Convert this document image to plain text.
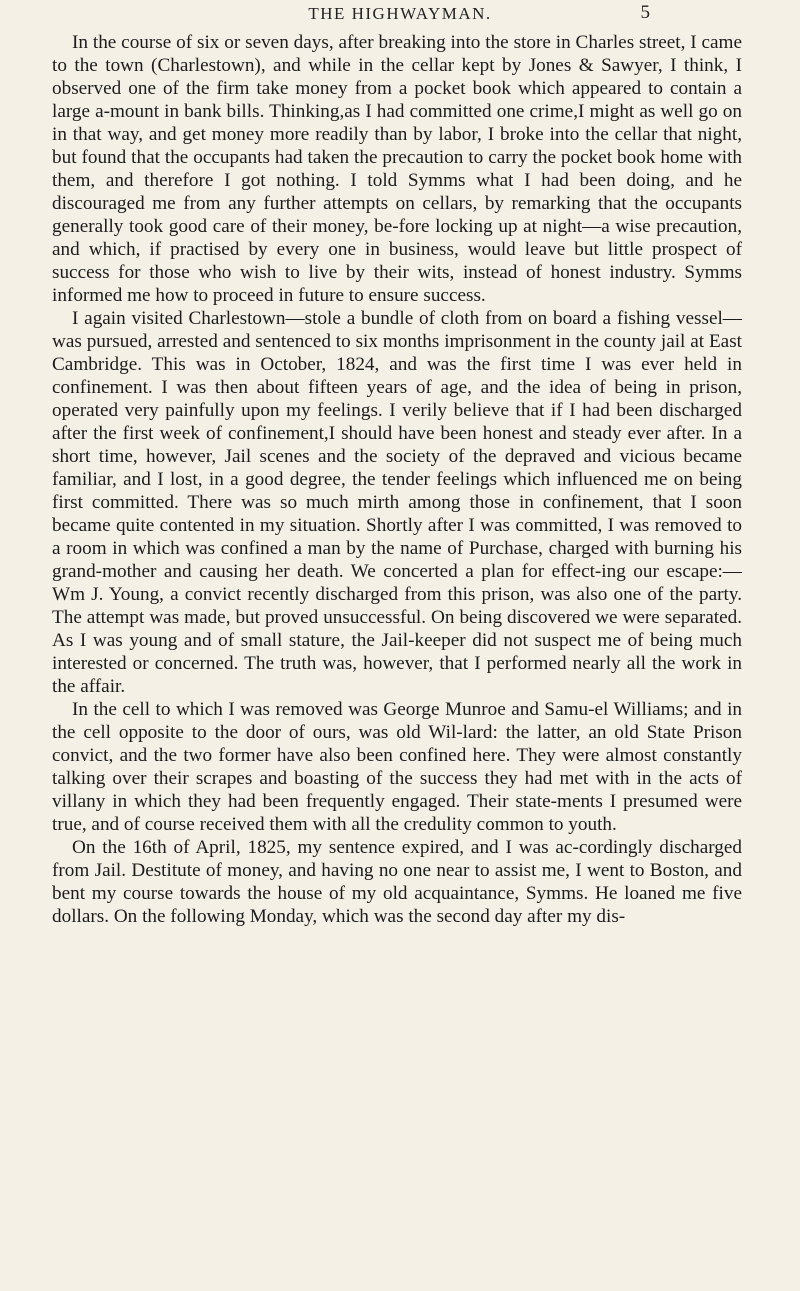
THE HIGHWAYMAN.	5

In the course of six or seven days, after breaking into the store in Charles street, I came to the town (Charlestown), and while in the cellar kept by Jones & Sawyer, I think, I observed one of the firm take money from a pocket book which appeared to contain a large a-mount in bank bills. Thinking,as I had committed one crime,I might as well go on in that way, and get money more readily than by labor, I broke into the cellar that night, but found that the occupants had taken the precaution to carry the pocket book home with them, and therefore I got nothing. I told Symms what I had been doing, and he discouraged me from any further attempts on cellars, by remarking that the occupants generally took good care of their money, be-fore locking up at night—a wise precaution, and which, if practised by every one in business, would leave but little prospect of success for those who wish to live by their wits, instead of honest industry. Symms informed me how to proceed in future to ensure success.

I again visited Charlestown—stole a bundle of cloth from on board a fishing vessel—was pursued, arrested and sentenced to six months imprisonment in the county jail at East Cambridge. This was in October, 1824, and was the first time I was ever held in confinement. I was then about fifteen years of age, and the idea of being in prison, operated very painfully upon my feelings. I verily believe that if I had been discharged after the first week of confinement,I should have been honest and steady ever after. In a short time, however, Jail scenes and the society of the depraved and vicious became familiar, and I lost, in a good degree, the tender feelings which influenced me on being first committed. There was so much mirth among those in confinement, that I soon became quite contented in my situation. Shortly after I was committed, I was removed to a room in which was confined a man by the name of Purchase, charged with burning his grand-mother and causing her death. We concerted a plan for effect-ing our escape:—Wm J. Young, a convict recently discharged from this prison, was also one of the party. The attempt was made, but proved unsuccessful. On being discovered we were separated. As I was young and of small stature, the Jail-keeper did not suspect me of being much interested or concerned. The truth was, however, that I performed nearly all the work in the affair.

In the cell to which I was removed was George Munroe and Samu-el Williams; and in the cell opposite to the door of ours, was old Wil-lard: the latter, an old State Prison convict, and the two former have also been confined here. They were almost constantly talking over their scrapes and boasting of the success they had met with in the acts of villany in which they had been frequently engaged. Their state-ments I presumed were true, and of course received them with all the credulity common to youth.

On the 16th of April, 1825, my sentence expired, and I was ac-cordingly discharged from Jail. Destitute of money, and having no one near to assist me, I went to Boston, and bent my course towards the house of my old acquaintance, Symms. He loaned me five dollars. On the following Monday, which was the second day after my dis-
